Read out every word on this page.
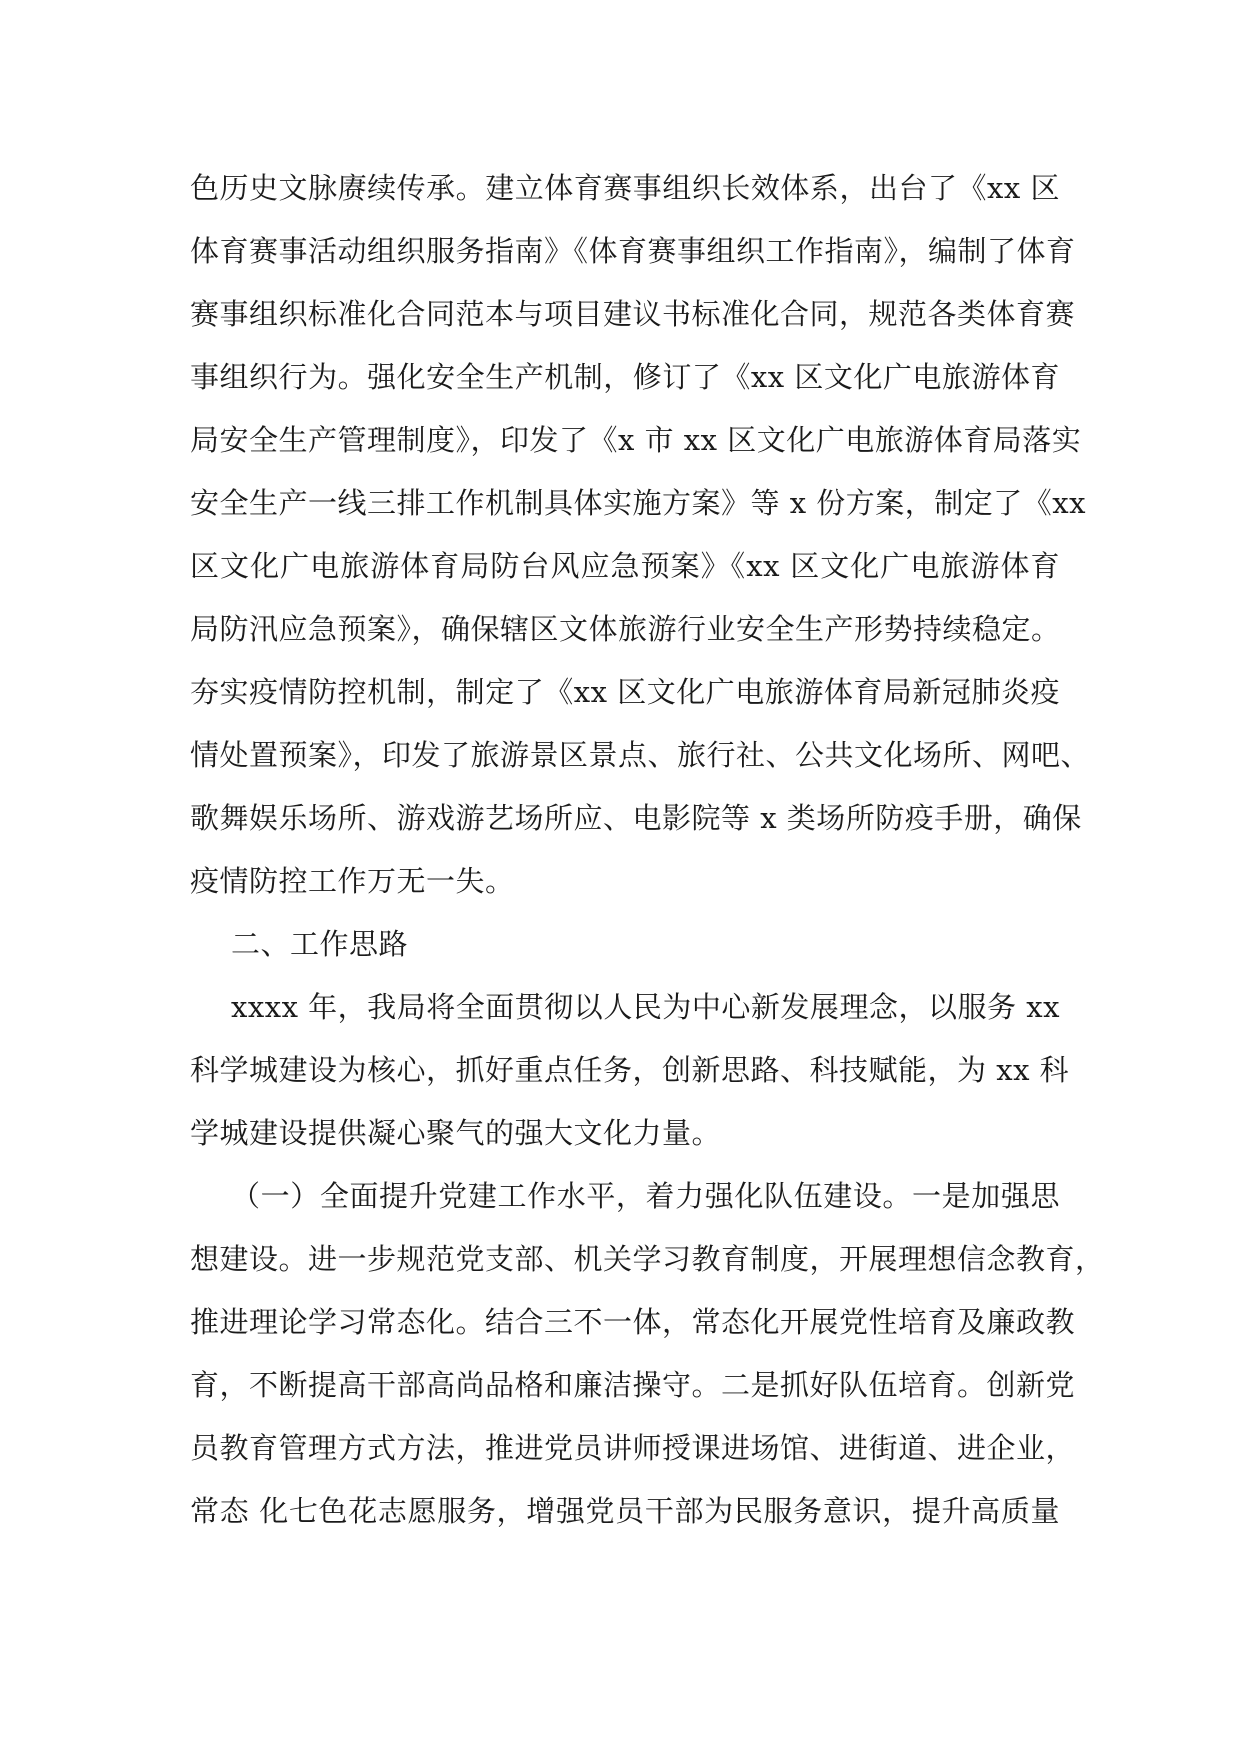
色历史文脉赓续传承。建立体育赛事组织长效体系，出台了《xx 区
体育赛事活动组织服务指南》《体育赛事组织工作指南》，编制了体育
赛事组织标准化合同范本与项目建议书标准化合同，规范各类体育赛
事组织行为。强化安全生产机制，修订了《xx 区文化广电旅游体育
局安全生产管理制度》，印发了《x 市 xx 区文化广电旅游体育局落实
安全生产一线三排工作机制具体实施方案》等 x 份方案，制定了《xx
区文化广电旅游体育局防台风应急预案》《xx 区文化广电旅游体育
局防汛应急预案》，确保辖区文体旅游行业安全生产形势持续稳定。
夯实疫情防控机制，制定了《xx 区文化广电旅游体育局新冠肺炎疫
情处置预案》，印发了旅游景区景点、旅行社、公共文化场所、网吧、
歌舞娱乐场所、游戏游艺场所应、电影院等 x 类场所防疫手册，确保
疫情防控工作万无一失。
二、工作思路
xxxx 年，我局将全面贯彻以人民为中心新发展理念，以服务 xx
科学城建设为核心，抓好重点任务，创新思路、科技赋能，为 xx 科
学城建设提供凝心聚气的强大文化力量。
（一）全面提升党建工作水平，着力强化队伍建设。一是加强思
想建设。进一步规范党支部、机关学习教育制度，开展理想信念教育，
推进理论学习常态化。结合三不一体，常态化开展党性培育及廉政教
育，不断提高干部高尚品格和廉洁操守。二是抓好队伍培育。创新党
员教育管理方式方法，推进党员讲师授课进场馆、进街道、进企业，
常态 化七色花志愿服务，增强党员干部为民服务意识，提升高质量
